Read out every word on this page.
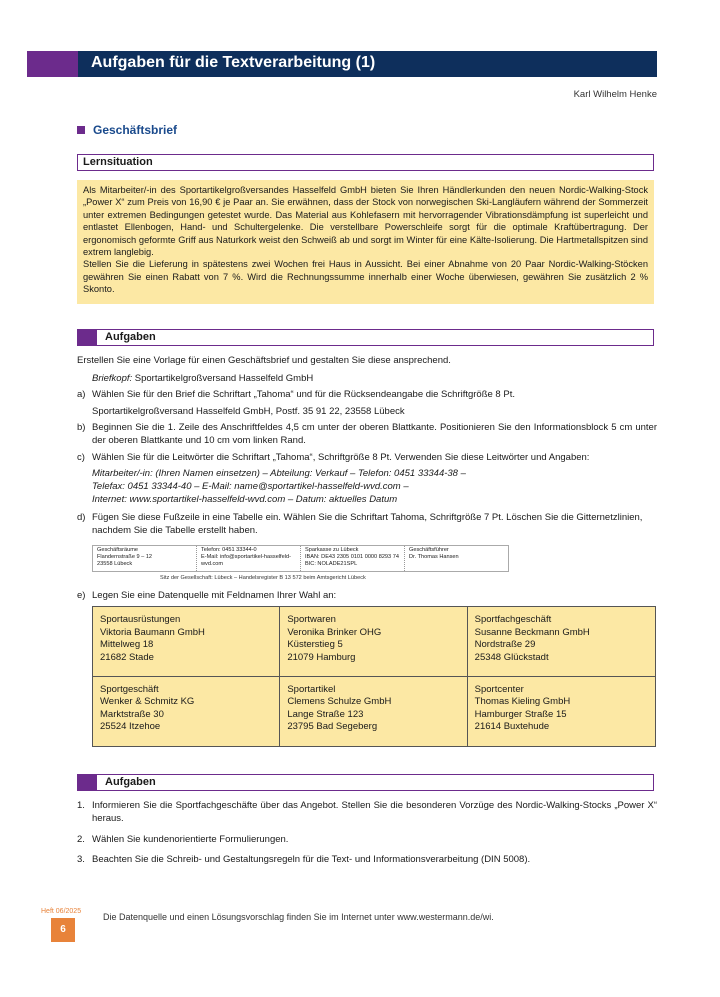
Aufgaben für die Textverarbeitung (1)
Karl Wilhelm Henke
Geschäftsbrief
Lernsituation

Als Mitarbeiter/-in des Sportartikelgroßversandes Hasselfeld GmbH bieten Sie Ihren Händlerkunden den neuen Nordic-Walking-Stock „Power X“ zum Preis von 16,90 € je Paar an. Sie erwähnen, dass der Stock von norwegischen Ski-Langläufern während der Sommerzeit unter extremen Bedingungen getestet wurde. Das Material aus Kohlefasern mit hervorragender Vibrationsdämpfung ist superleicht und entlastet Ellenbogen, Hand- und Schultergelenke. Die verstellbare Powerschleife sorgt für die optimale Kraftübertragung. Der ergonomisch geformte Griff aus Naturkork weist den Schweiß ab und sorgt im Winter für eine Kälte-Isolierung. Die Hartmetallspitzen sind extrem langlebig.

Stellen Sie die Lieferung in spätestens zwei Wochen frei Haus in Aussicht. Bei einer Abnahme von 20 Paar Nordic-Walking-Stöcken gewähren Sie einen Rabatt von 7 %. Wird die Rechnungssumme innerhalb einer Woche überwiesen, gewähren Sie zusätzlich 2 % Skonto.

Aufgaben
Erstellen Sie eine Vorlage für einen Geschäftsbrief und gestalten Sie diese ansprechend.
Briefkopf: Sportartikelgroßversand Hasselfeld GmbH
a) Wählen Sie für den Brief die Schriftart „Tahoma“ und für die Rücksendeangabe die Schriftgröße 8 Pt.
Sportartikelgroßversand Hasselfeld GmbH, Postf. 35 91 22, 23558 Lübeck
b) Beginnen Sie die 1. Zeile des Anschriftfeldes 4,5 cm unter der oberen Blattkante. Positionieren Sie den Informationsblock 5 cm unter der oberen Blattkante und 10 cm vom linken Rand.
c) Wählen Sie für die Leitwörter die Schriftart „Tahoma“, Schriftgröße 8 Pt. Verwenden Sie diese Leitwörter und Angaben:
Mitarbeiter/-in: (Ihren Namen einsetzen) – Abteilung: Verkauf – Telefon: 0451 33344-38 –
Telefax: 0451 33344-40 – E-Mail: name@sportartikel-hasselfeld-wvd.com –
Internet: www.sportartikel-hasselfeld-wvd.com – Datum: aktuelles Datum
d) Fügen Sie diese Fußzeile in eine Tabelle ein. Wählen Sie die Schriftart Tahoma, Schriftgröße 7 Pt. Löschen Sie die Gitternetzlinien, nachdem Sie die Tabelle erstellt haben.
Geschäftsräume
Flandernstraße 9 – 12
23558 Lübeck
Telefon: 0451 33344-0
E-Mail: info@sportartikel-hasselfeld-wvd.com
Sparkasse zu Lübeck
IBAN: DE43 2305 0101 0000 8293 74
BIC: NOLADE21SPL
Geschäftsführer
Dr. Thomas Hansen
Sitz der Gesellschaft: Lübeck – Handelsregister B 13 572 beim Amtsgericht Lübeck
e) Legen Sie eine Datenquelle mit Feldnamen Ihrer Wahl an:
Sportausrüstungen
Viktoria Baumann GmbH
Mittelweg 18
21682 Stade
Sportwaren
Veronika Brinker OHG
Küsterstieg 5
21079 Hamburg
Sportfachgeschäft
Susanne Beckmann GmbH
Nordstraße 29
25348 Glückstadt
Sportgeschäft
Wenker & Schmitz KG
Marktstraße 30
25524 Itzehoe
Sportartikel
Clemens Schulze GmbH
Lange Straße 123
23795 Bad Segeberg
Sportcenter
Thomas Kieling GmbH
Hamburger Straße 15
21614 Buxtehude
Aufgaben
1. Informieren Sie die Sportfachgeschäfte über das Angebot. Stellen Sie die besonderen Vorzüge des Nordic-Walking-Stocks „Power X“ heraus.
2. Wählen Sie kundenorientierte Formulierungen.
3. Beachten Sie die Schreib- und Gestaltungsregeln für die Text- und Informationsverarbeitung (DIN 5008).
Heft 06/2025
6
Die Datenquelle und einen Lösungsvorschlag finden Sie im Internet unter www.westermann.de/wi.
